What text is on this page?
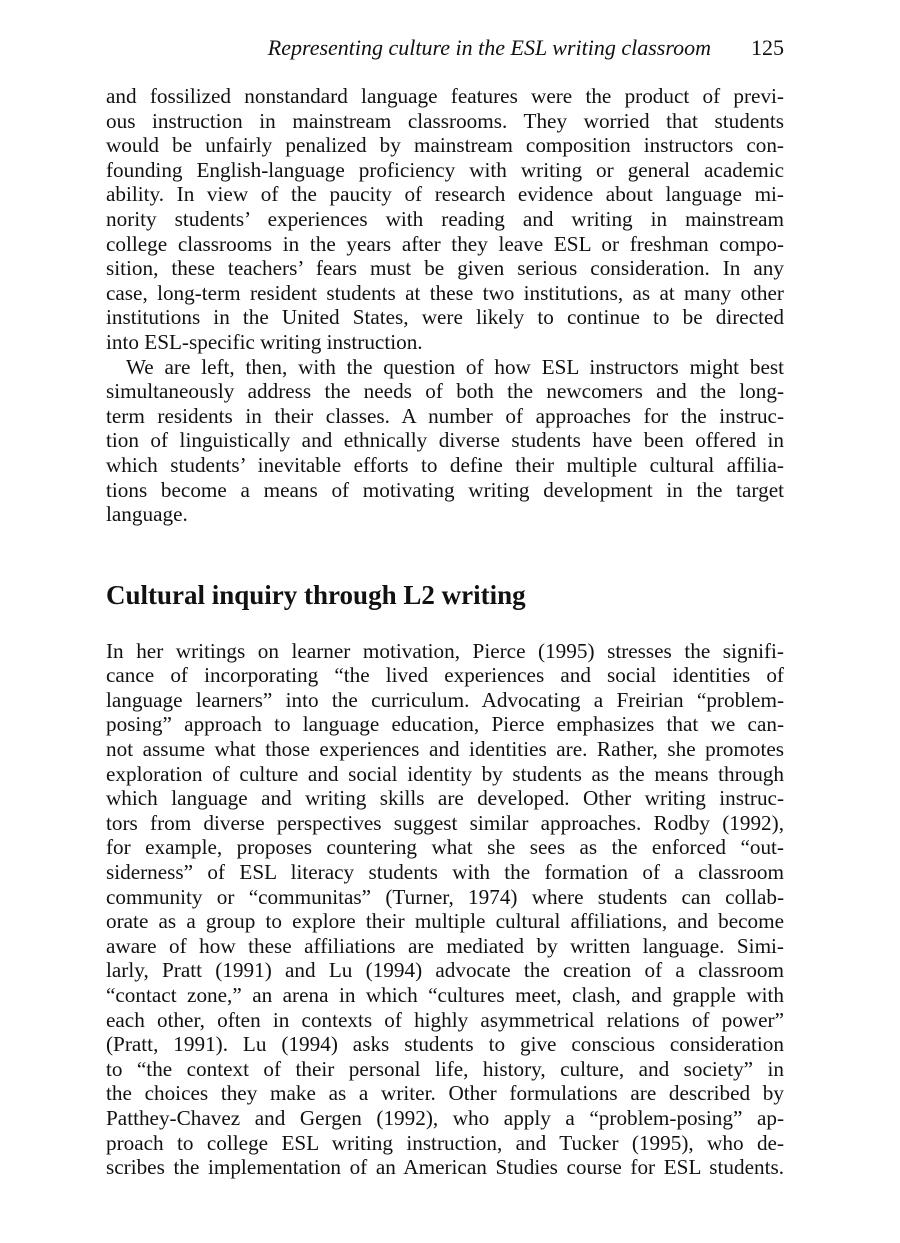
Representing culture in the ESL writing classroom 125
and fossilized nonstandard language features were the product of previ-
ous instruction in mainstream classrooms. They worried that students
would be unfairly penalized by mainstream composition instructors con-
founding English-language proficiency with writing or general academic
ability. In view of the paucity of research evidence about language mi-
nority students’ experiences with reading and writing in mainstream
college classrooms in the years after they leave ESL or freshman compo-
sition, these teachers’ fears must be given serious consideration. In any
case, long-term resident students at these two institutions, as at many other
institutions in the United States, were likely to continue to be directed
into ESL-specific writing instruction.
We are left, then, with the question of how ESL instructors might best
simultaneously address the needs of both the newcomers and the long-
term residents in their classes. A number of approaches for the instruc-
tion of linguistically and ethnically diverse students have been offered in
which students’ inevitable efforts to define their multiple cultural affilia-
tions become a means of motivating writing development in the target
language.
Cultural inquiry through L2 writing
In her writings on learner motivation, Pierce (1995) stresses the signifi-
cance of incorporating “the lived experiences and social identities of
language learners” into the curriculum. Advocating a Freirian “problem-
posing” approach to language education, Pierce emphasizes that we can-
not assume what those experiences and identities are. Rather, she promotes
exploration of culture and social identity by students as the means through
which language and writing skills are developed. Other writing instruc-
tors from diverse perspectives suggest similar approaches. Rodby (1992),
for example, proposes countering what she sees as the enforced “out-
siderness” of ESL literacy students with the formation of a classroom
community or “communitas” (Turner, 1974) where students can collab-
orate as a group to explore their multiple cultural affiliations, and become
aware of how these affiliations are mediated by written language. Simi-
larly, Pratt (1991) and Lu (1994) advocate the creation of a classroom
“contact zone,” an arena in which “cultures meet, clash, and grapple with
each other, often in contexts of highly asymmetrical relations of power”
(Pratt, 1991). Lu (1994) asks students to give conscious consideration
to “the context of their personal life, history, culture, and society” in
the choices they make as a writer. Other formulations are described by
Patthey-Chavez and Gergen (1992), who apply a “problem-posing” ap-
proach to college ESL writing instruction, and Tucker (1995), who de-
scribes the implementation of an American Studies course for ESL students.
